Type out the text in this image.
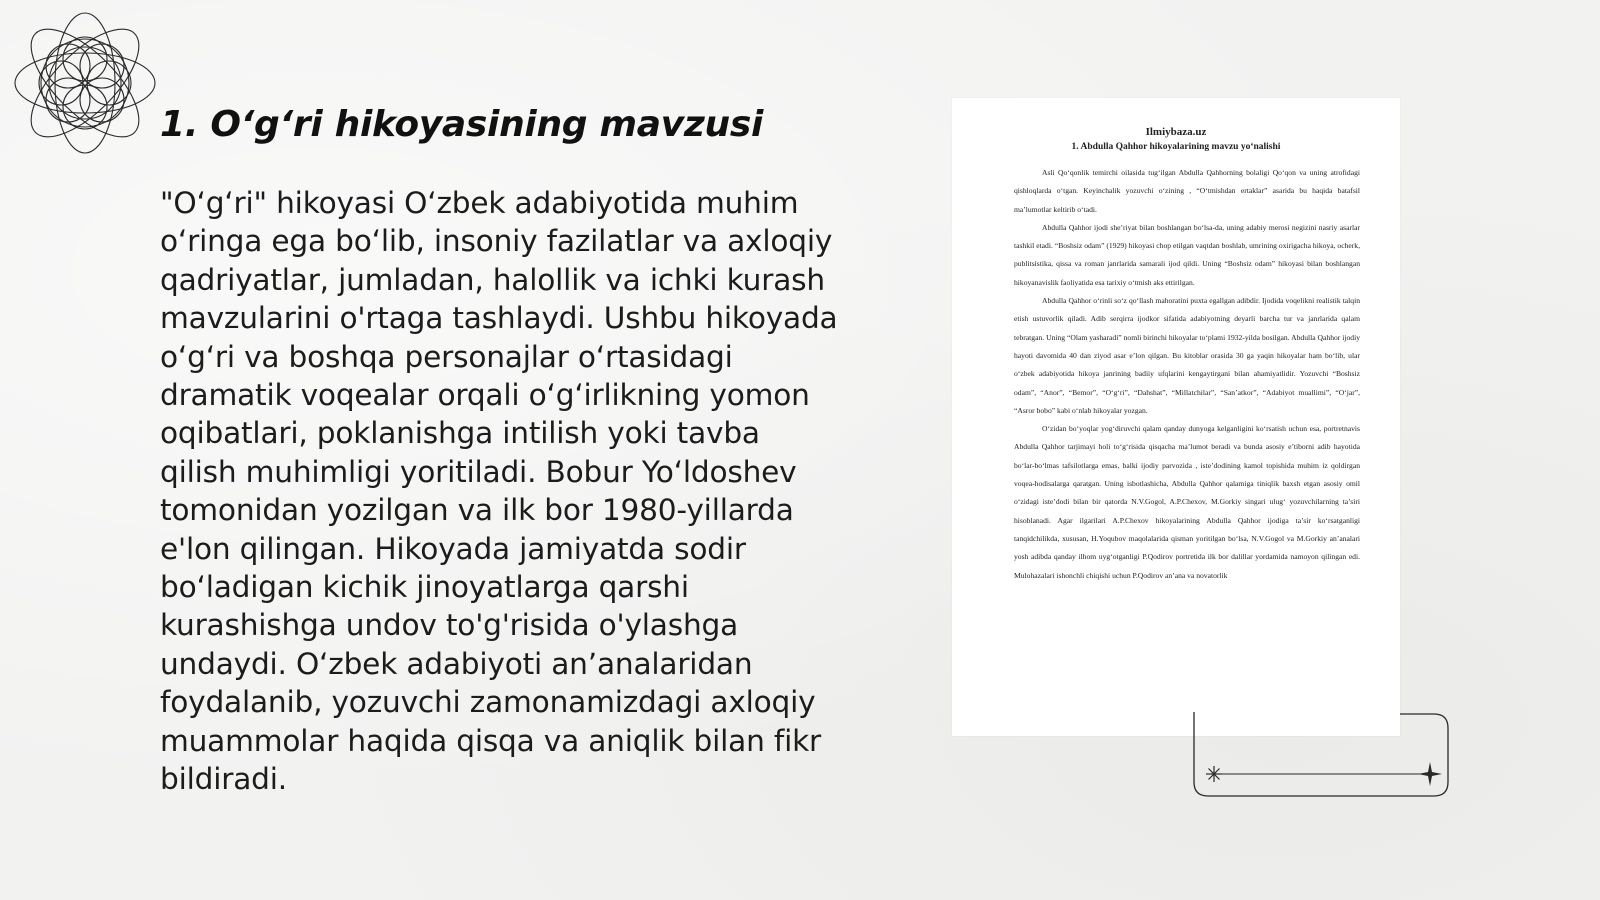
1. O‘g‘ri hikoyasining mavzusi

"O‘g‘ri" hikoyasi O‘zbek adabiyotida muhim o‘ringa ega bo‘lib, insoniy fazilatlar va axloqiy qadriyatlar, jumladan, halollik va ichki kurash mavzularini o'rtaga tashlaydi. Ushbu hikoyada o‘g‘ri va boshqa personajlar o‘rtasidagi dramatik voqealar orqali o‘g‘irlikning yomon oqibatlari, poklanishga intilish yoki tavba qilish muhimligi yoritiladi. Bobur Yo‘ldoshev tomonidan yozilgan va ilk bor 1980-yillarda e'lon qilingan. Hikoyada jamiyatda sodir bo‘ladigan kichik jinoyatlarga qarshi kurashishga undov to'g'risida o'ylashga undaydi. O‘zbek adabiyoti an’analaridan foydalanib, yozuvchi zamonamizdagi axloqiy muammolar haqida qisqa va aniqlik bilan fikr bildiradi.

Ilmiybaza.uz
1. Abdulla Qahhor hikoyalarining mavzu yo‘nalishi

Asli Qo‘qonlik temirchi oilasida tug‘ilgan Abdulla Qahhorning bolaligi Qo‘qon va uning atrofidagi qishloqlarda o‘tgan. Keyinchalik yozuvchi o‘zining , “O‘tmishdan ertaklar” asarida bu haqida batafsil ma’lumotlar keltirib o‘tadi.

Abdulla Qahhor ijodi she’riyat bilan boshlangan bo‘lsa-da, uning adabiy merosi negizini nasriy asarlar tashkil etadi. “Boshsiz odam” (1929) hikoyasi chop etilgan vaqtdan boshlab, umrining oxirigacha hikoya, ocherk, publitsistika, qissa va roman janrlarida samarali ijod qildi. Uning “Boshsiz odam” hikoyasi bilan boshlangan hikoyanavislik faoliyatida esa tarixiy o‘tmish aks ettirilgan.

Abdulla Qahhor o‘rinli so‘z qo‘llash mahoratini puxta egallgan adibdir. Ijodida voqelikni realistik talqin etish ustuvorlik qiladi. Adib serqirra ijodkor sifatida adabiyotning deyarli barcha tur va janrlarida qalam tebratgan. Uning “Olam yasharadi” nomli birinchi hikoyalar to‘plami 1932-yilda bosilgan. Abdulla Qahhor ijodiy hayoti davomida 40 dan ziyod asar e’lon qilgan. Bu kitoblar orasida 30 ga yaqin hikoyalar ham bo‘lib, ular o‘zbek adabiyotida hikoya janrining badiiy ufqlarini kengaytirgani bilan ahamiyatlidir. Yozuvchi “Boshsiz odam”, “Anor”, “Bemor”, “O‘g‘ri”, “Dahshat”, “Millatchilar”, “San’atkor”, “Adabiyot muallimi”, “O‘jar”, “Asror bobo” kabi o‘nlab hikoyalar yozgan.

O‘zidan bo‘yoqlar yog‘diruvchi qalam qanday dunyoga kelganligini ko‘rsatish uchun esa, portretnavis Abdulla Qahhor tarjimayi holi to‘g‘risida qisqacha ma’lumot beradi va bunda asosiy e’tiborni adib hayotida bo‘lar-bo‘lmas tafsilotlarga emas, balki ijodiy parvozida , iste’dodining kamol topishida muhim iz qoldirgan voqea-hodisalarga qaratgan. Uning isbotlashicha, Abdulla Qahhor qalamiga tiniqlik baxsh etgan asosiy omil o‘zidagi iste’dodi bilan bir qatorda N.V.Gogol, A.P.Chexov, M.Gorkiy singari ulug‘ yozuvchilarning ta’siri hisoblanadi. Agar ilgarilari A.P.Chexov hikoyalarining Abdulla Qahhor ijodiga ta’sir ko‘rsatganligi tanqidchilikda, xususan, H.Yoqubov maqolalarida qisman yoritilgan bo‘lsa, N.V.Gogol va M.Gorkiy an’analari yosh adibda qanday ilhom uyg‘otganligi P.Qodirov portretida ilk bor dalillar yordamida namoyon qilingan edi. Mulohazalari ishonchli chiqishi uchun P.Qodirov an’ana va novatorlik
